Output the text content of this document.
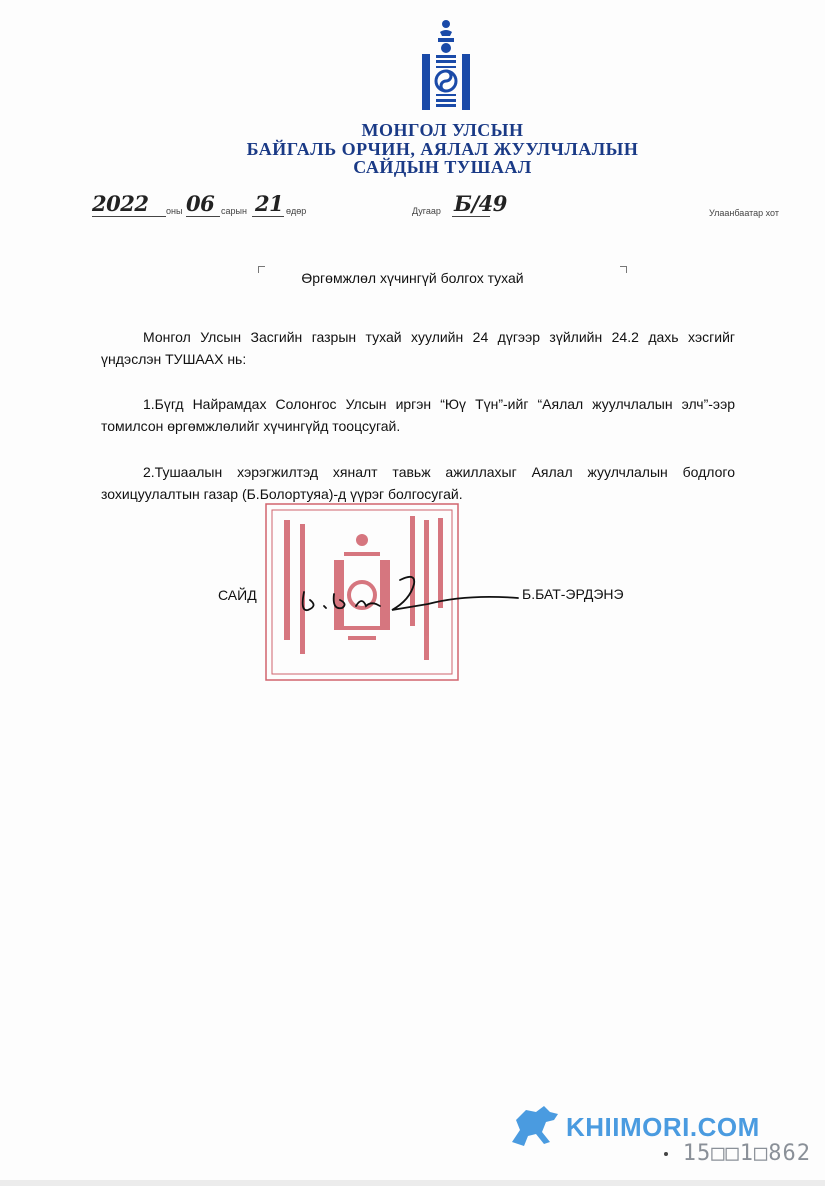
МОНГОЛ УЛСЫН
БАЙГАЛЬ ОРЧИН, АЯЛАЛ ЖУУЛЧЛАЛЫН
САЙДЫН ТУШААЛ
2022 оны 06 сарын 21 өдөр	Дугаар Б/49	Улаанбаатар хот
Өргөмжлөл хүчингүй болгох тухай

Монгол Улсын Засгийн газрын тухай хуулийн 24 дүгээр зүйлийн 24.2 дахь хэсгийг үндэслэн ТУШААХ нь:

1.Бүгд Найрамдах Солонгос Улсын иргэн “Юү Түн”-ийг “Аялал жуулчлалын элч”-ээр томилсон өргөмжлөлийг хүчингүйд тооцсугай.

2.Тушаалын хэрэгжилтэд хяналт тавьж ажиллахыг Аялал жуулчлалын бодлого зохицуулалтын газар (Б.Болортуяа)-д үүрэг болгосугай.

САЙД	Б.БАТ-ЭРДЭНЭ
KHIIMORI.COM
15□□1□862
